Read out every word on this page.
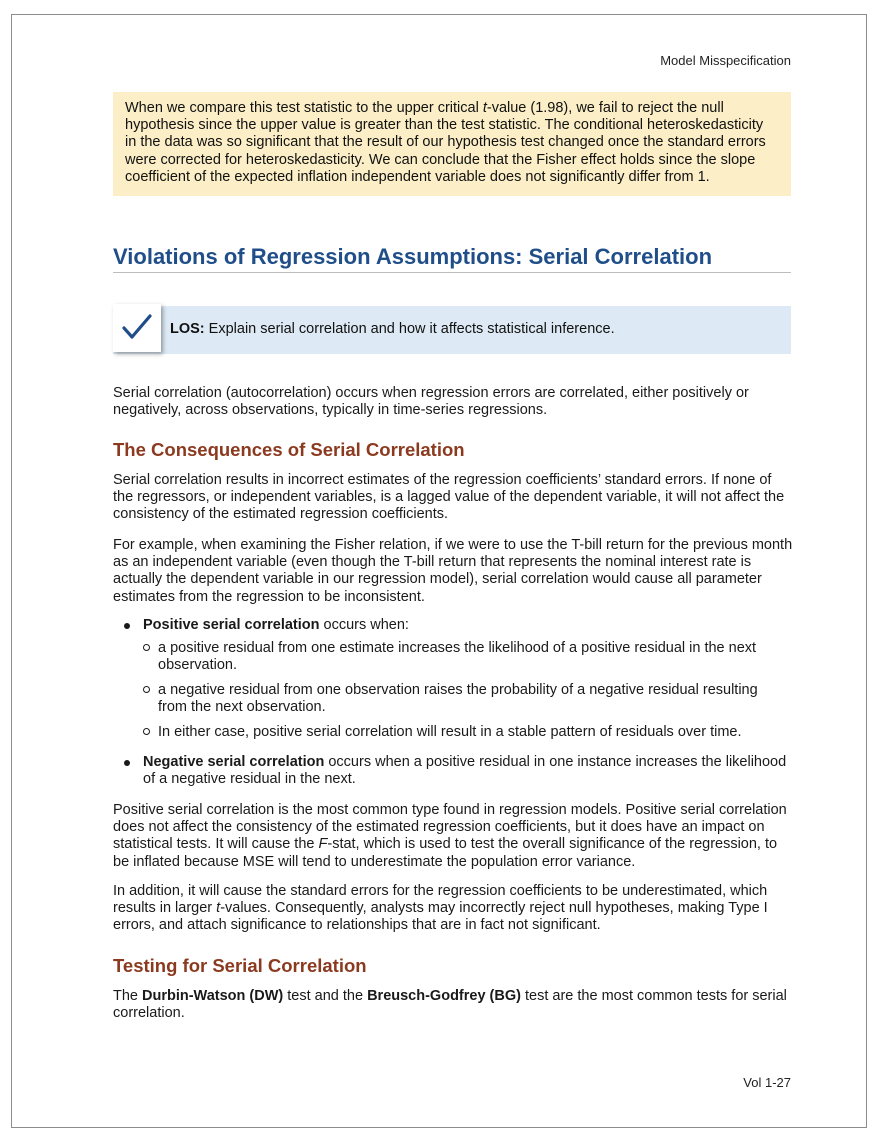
Model Misspecification
When we compare this test statistic to the upper critical t-value (1.98), we fail to reject the null hypothesis since the upper value is greater than the test statistic. The conditional heteroskedasticity in the data was so significant that the result of our hypothesis test changed once the standard errors were corrected for heteroskedasticity. We can conclude that the Fisher effect holds since the slope coefficient of the expected inflation independent variable does not significantly differ from 1.
Violations of Regression Assumptions: Serial Correlation
LOS: Explain serial correlation and how it affects statistical inference.

Serial correlation (autocorrelation) occurs when regression errors are correlated, either positively or negatively, across observations, typically in time-series regressions.

The Consequences of Serial Correlation

Serial correlation results in incorrect estimates of the regression coefficients’ standard errors. If none of the regressors, or independent variables, is a lagged value of the dependent variable, it will not affect the consistency of the estimated regression coefficients.

For example, when examining the Fisher relation, if we were to use the T-bill return for the previous month as an independent variable (even though the T-bill return that represents the nominal interest rate is actually the dependent variable in our regression model), serial correlation would cause all parameter estimates from the regression to be inconsistent.

Positive serial correlation occurs when:
a positive residual from one estimate increases the likelihood of a positive residual in the next observation.
a negative residual from one observation raises the probability of a negative residual resulting from the next observation.
In either case, positive serial correlation will result in a stable pattern of residuals over time.
Negative serial correlation occurs when a positive residual in one instance increases the likelihood of a negative residual in the next.

Positive serial correlation is the most common type found in regression models. Positive serial correlation does not affect the consistency of the estimated regression coefficients, but it does have an impact on statistical tests. It will cause the F-stat, which is used to test the overall significance of the regression, to be inflated because MSE will tend to underestimate the population error variance.

In addition, it will cause the standard errors for the regression coefficients to be underestimated, which results in larger t-values. Consequently, analysts may incorrectly reject null hypotheses, making Type I errors, and attach significance to relationships that are in fact not significant.

Testing for Serial Correlation

The Durbin-Watson (DW) test and the Breusch-Godfrey (BG) test are the most common tests for serial correlation.

Vol 1-27
